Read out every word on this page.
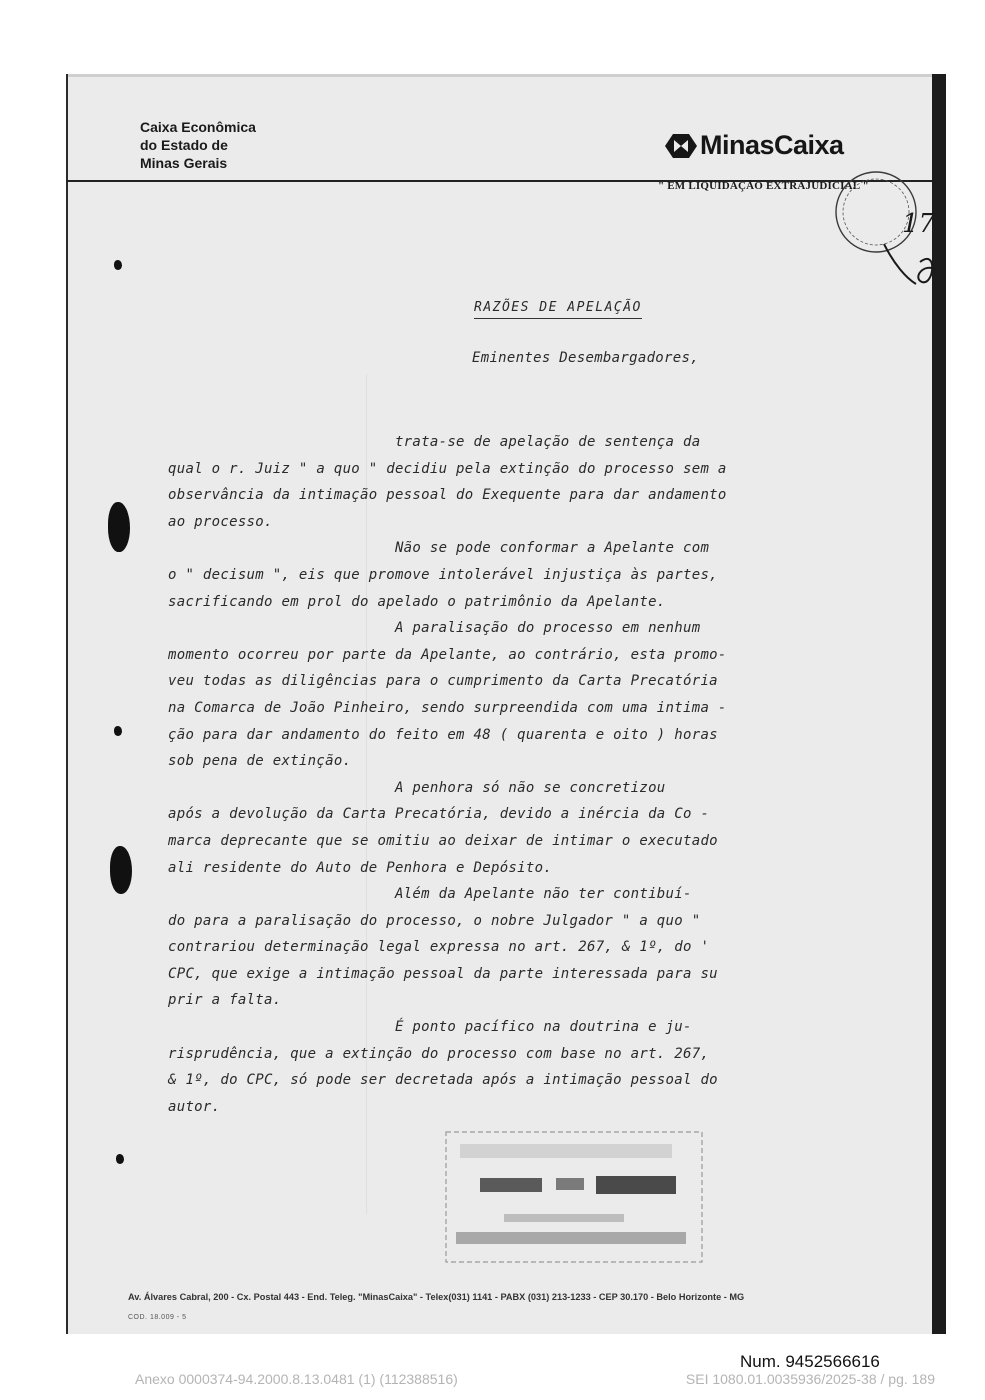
Caixa Econômica
do Estado de
Minas Gerais
MinasCaixa
" EM LIQUIDAÇÃO EXTRAJUDICIAL "
17
RAZÕES DE APELAÇÃO
Eminentes Desembargadores,
trata-se de apelação de sentença da
qual o r. Juiz " a quo " decidiu pela extinção do processo sem a
observância da intimação pessoal do Exequente para dar andamento
ao processo.
Não se pode conformar a Apelante com
o " decisum ", eis que promove intolerável injustiça às partes,
sacrificando em prol do apelado o patrimônio da Apelante.
A paralisação do processo em nenhum
momento ocorreu por parte da Apelante, ao contrário, esta promo-
veu todas as diligências para o cumprimento da Carta Precatória
na Comarca de João Pinheiro, sendo surpreendida com uma intima -
ção para dar andamento do feito em 48 ( quarenta e oito ) horas
sob pena de extinção.
A penhora só não se concretizou
após a devolução da Carta Precatória, devido a inércia da Co -
marca deprecante que se omitiu ao deixar de intimar o executado
ali residente do Auto de Penhora e Depósito.
Além da Apelante não ter contibuí-
do para a paralisação do processo, o nobre Julgador " a quo "
contrariou determinação legal expressa no art. 267, & 1º, do '
CPC, que exige a intimação pessoal da parte interessada para su
prir a falta.
É ponto pacífico na doutrina e ju-
risprudência, que a extinção do processo com base no art. 267,
& 1º, do CPC, só pode ser decretada após a intimação pessoal do
autor.
Av. Álvares Cabral, 200 - Cx. Postal 443 - End. Teleg. "MinasCaixa" - Telex(031) 1141 - PABX (031) 213-1233 - CEP 30.170 - Belo Horizonte - MG
COD. 18.009 - 5
Num. 9452566616
Anexo 0000374-94.2000.8.13.0481 (1) (112388516)	SEI 1080.01.0035936/2025-38 / pg. 189
